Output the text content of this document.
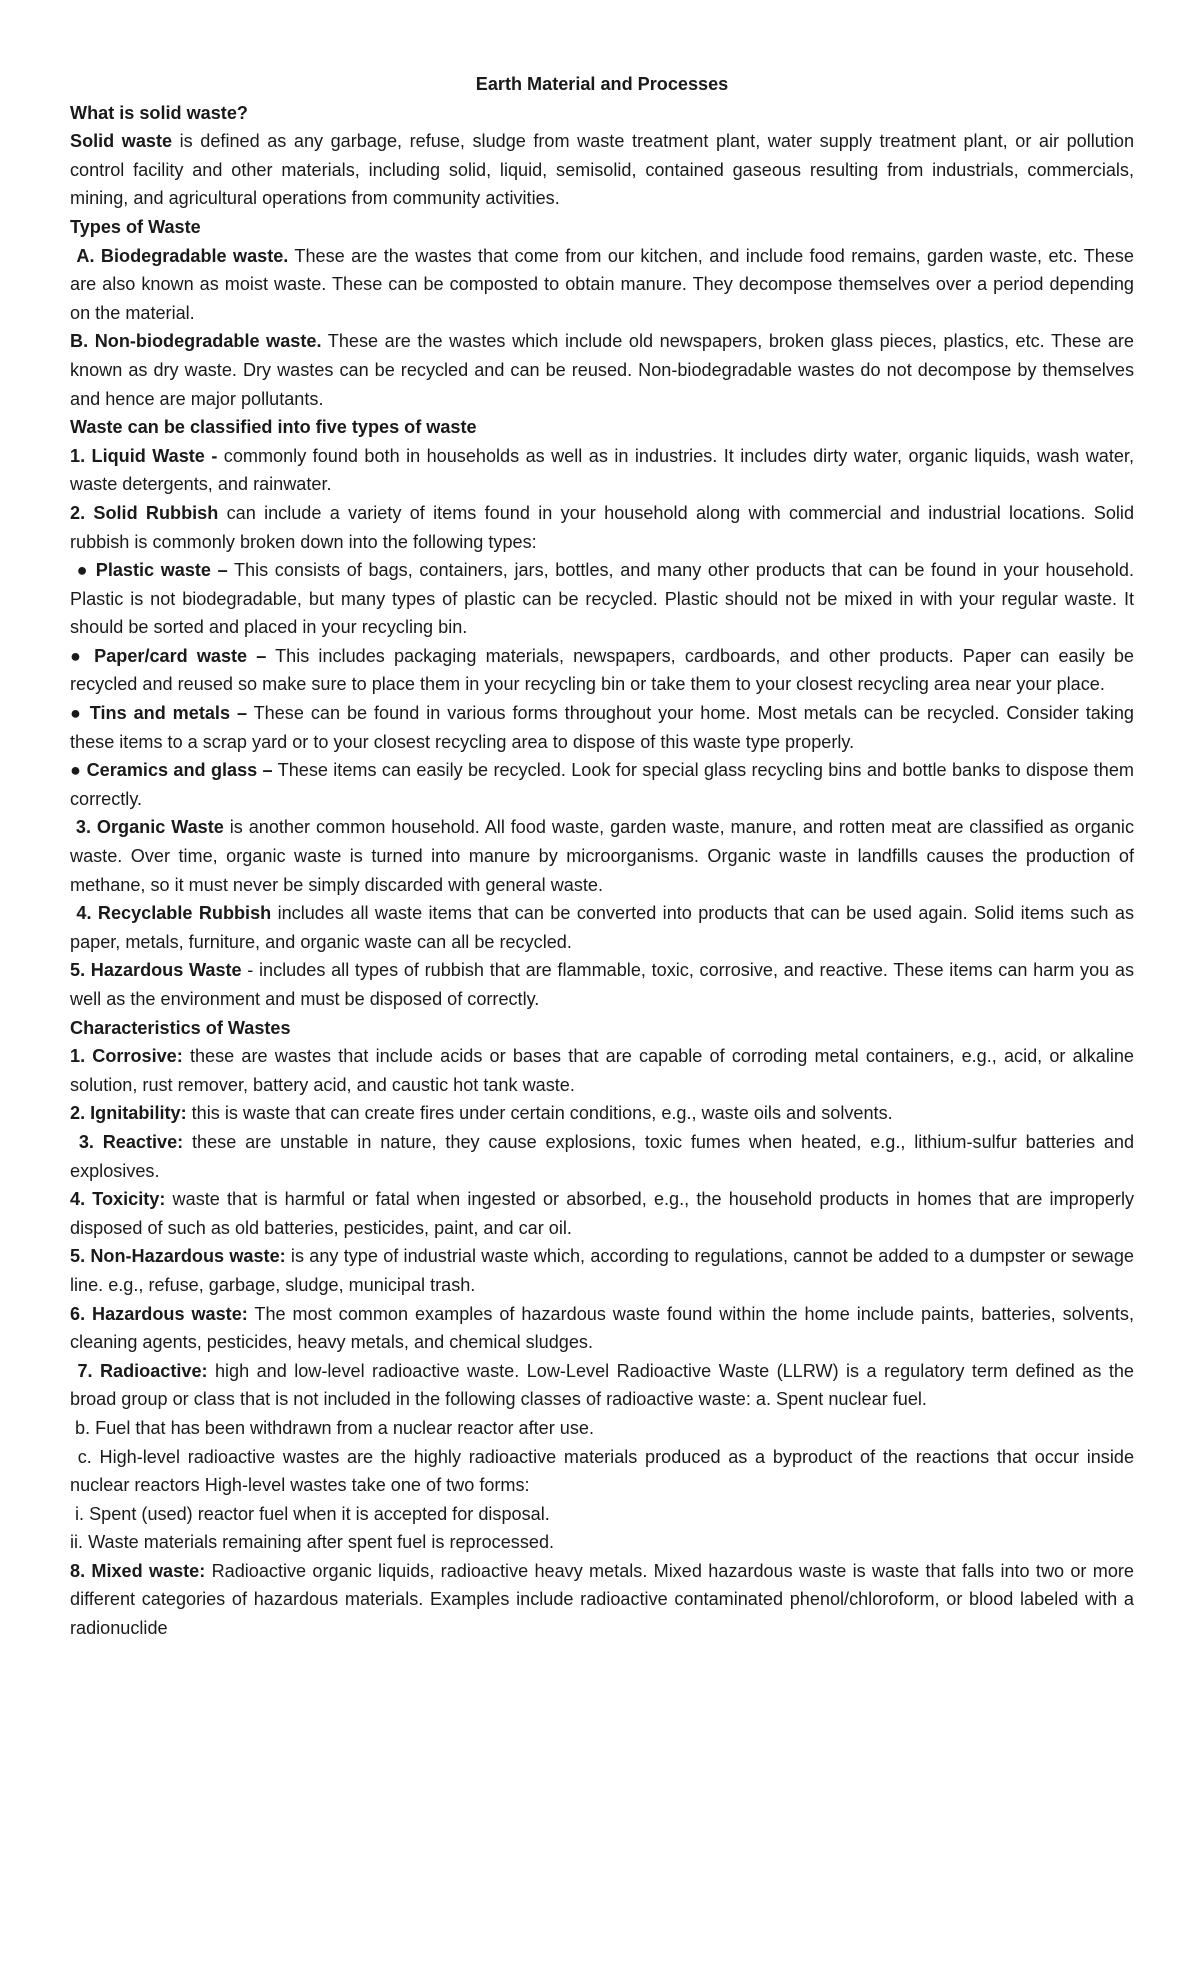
Earth Material and Processes

What is solid waste?

Solid waste is defined as any garbage, refuse, sludge from waste treatment plant, water supply treatment plant, or air pollution control facility and other materials, including solid, liquid, semisolid, contained gaseous resulting from industrials, commercials, mining, and agricultural operations from community activities.

Types of Waste

A. Biodegradable waste. These are the wastes that come from our kitchen, and include food remains, garden waste, etc. These are also known as moist waste. These can be composted to obtain manure. They decompose themselves over a period depending on the material.

B. Non-biodegradable waste. These are the wastes which include old newspapers, broken glass pieces, plastics, etc. These are known as dry waste. Dry wastes can be recycled and can be reused. Non-biodegradable wastes do not decompose by themselves and hence are major pollutants.

Waste can be classified into five types of waste

1. Liquid Waste - commonly found both in households as well as in industries. It includes dirty water, organic liquids, wash water, waste detergents, and rainwater.

2. Solid Rubbish can include a variety of items found in your household along with commercial and industrial locations. Solid rubbish is commonly broken down into the following types:

● Plastic waste – This consists of bags, containers, jars, bottles, and many other products that can be found in your household. Plastic is not biodegradable, but many types of plastic can be recycled. Plastic should not be mixed in with your regular waste. It should be sorted and placed in your recycling bin.

● Paper/card waste – This includes packaging materials, newspapers, cardboards, and other products. Paper can easily be recycled and reused so make sure to place them in your recycling bin or take them to your closest recycling area near your place.

● Tins and metals – These can be found in various forms throughout your home. Most metals can be recycled. Consider taking these items to a scrap yard or to your closest recycling area to dispose of this waste type properly.

● Ceramics and glass – These items can easily be recycled. Look for special glass recycling bins and bottle banks to dispose them correctly.

3. Organic Waste is another common household. All food waste, garden waste, manure, and rotten meat are classified as organic waste. Over time, organic waste is turned into manure by microorganisms. Organic waste in landfills causes the production of methane, so it must never be simply discarded with general waste.

4. Recyclable Rubbish includes all waste items that can be converted into products that can be used again. Solid items such as paper, metals, furniture, and organic waste can all be recycled.

5. Hazardous Waste - includes all types of rubbish that are flammable, toxic, corrosive, and reactive. These items can harm you as well as the environment and must be disposed of correctly.

Characteristics of Wastes

1. Corrosive: these are wastes that include acids or bases that are capable of corroding metal containers, e.g., acid, or alkaline solution, rust remover, battery acid, and caustic hot tank waste.

2. Ignitability: this is waste that can create fires under certain conditions, e.g., waste oils and solvents.

3. Reactive: these are unstable in nature, they cause explosions, toxic fumes when heated, e.g., lithium-sulfur batteries and explosives.

4. Toxicity: waste that is harmful or fatal when ingested or absorbed, e.g., the household products in homes that are improperly disposed of such as old batteries, pesticides, paint, and car oil.

5. Non-Hazardous waste: is any type of industrial waste which, according to regulations, cannot be added to a dumpster or sewage line. e.g., refuse, garbage, sludge, municipal trash.

6. Hazardous waste: The most common examples of hazardous waste found within the home include paints, batteries, solvents, cleaning agents, pesticides, heavy metals, and chemical sludges.

7. Radioactive: high and low-level radioactive waste. Low-Level Radioactive Waste (LLRW) is a regulatory term defined as the broad group or class that is not included in the following classes of radioactive waste: a. Spent nuclear fuel.

b. Fuel that has been withdrawn from a nuclear reactor after use.

c. High-level radioactive wastes are the highly radioactive materials produced as a byproduct of the reactions that occur inside nuclear reactors High-level wastes take one of two forms:

i. Spent (used) reactor fuel when it is accepted for disposal.

ii. Waste materials remaining after spent fuel is reprocessed.

8. Mixed waste: Radioactive organic liquids, radioactive heavy metals. Mixed hazardous waste is waste that falls into two or more different categories of hazardous materials. Examples include radioactive contaminated phenol/chloroform, or blood labeled with a radionuclide
